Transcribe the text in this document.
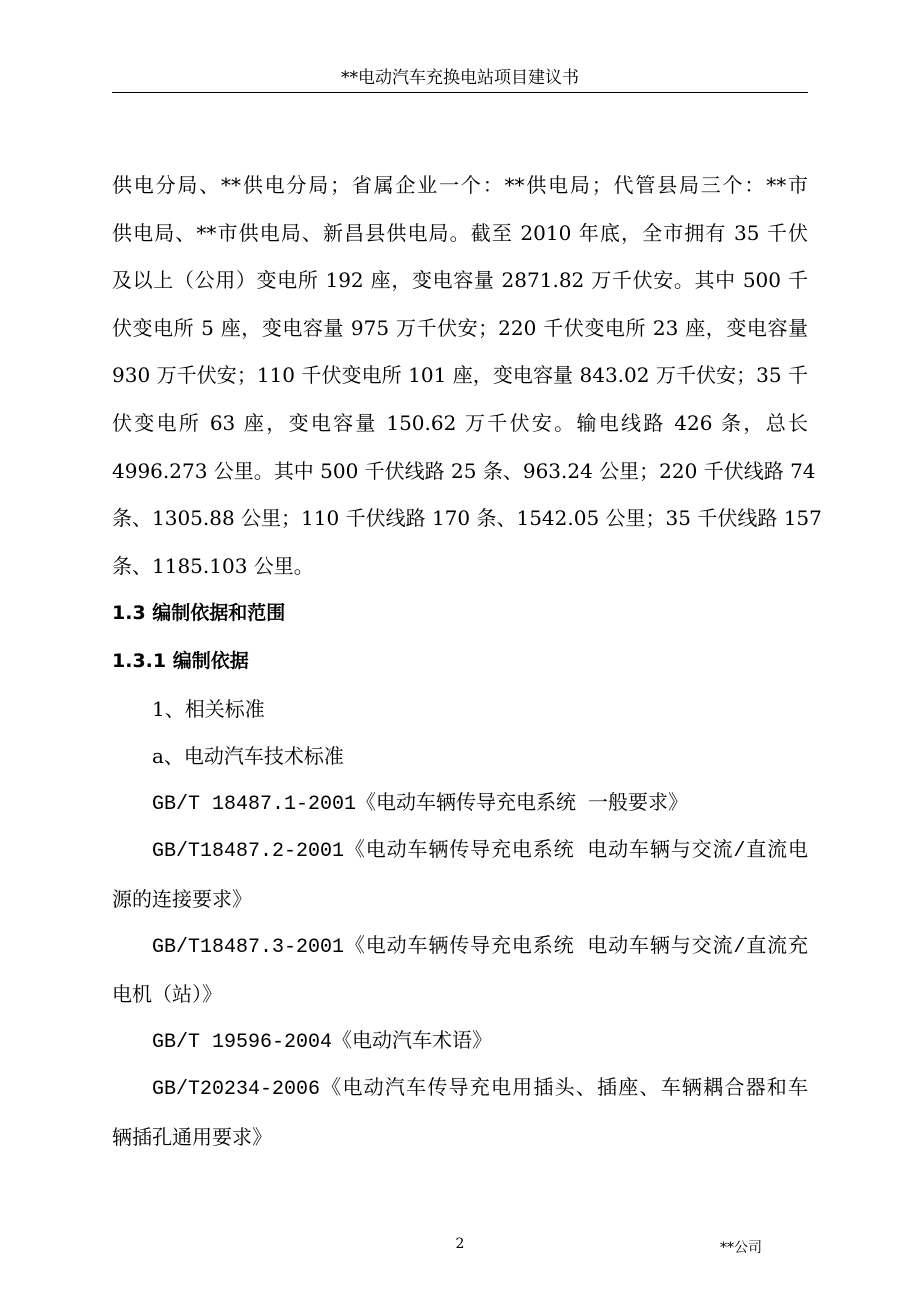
**电动汽车充换电站项目建议书
供电分局、**供电分局；省属企业一个：**供电局；代管县局三个：**市
供电局、**市供电局、新昌县供电局。截至 2010 年底，全市拥有 35 千伏
及以上（公用）变电所 192 座，变电容量 2871.82 万千伏安。其中 500 千
伏变电所 5 座，变电容量 975 万千伏安；220 千伏变电所 23 座，变电容量
930 万千伏安；110 千伏变电所 101 座，变电容量 843.02 万千伏安；35 千
伏变电所 63 座，变电容量 150.62 万千伏安。输电线路 426 条，总长
4996.273 公里。其中 500 千伏线路 25 条、963.24 公里；220 千伏线路 74
条、1305.88 公里；110 千伏线路 170 条、1542.05 公里；35 千伏线路 157
条、1185.103 公里。
1.3 编制依据和范围
1.3.1 编制依据
1、相关标准
a、电动汽车技术标准
GB/T 18487.1-2001《电动车辆传导充电系统 一般要求》
GB/T18487.2-2001《电动车辆传导充电系统 电动车辆与交流/直流电
源的连接要求》
GB/T18487.3-2001《电动车辆传导充电系统 电动车辆与交流/直流充
电机（站）》
GB/T 19596-2004《电动汽车术语》
GB/T20234-2006《电动汽车传导充电用插头、插座、车辆耦合器和车
辆插孔通用要求》
2	**公司
